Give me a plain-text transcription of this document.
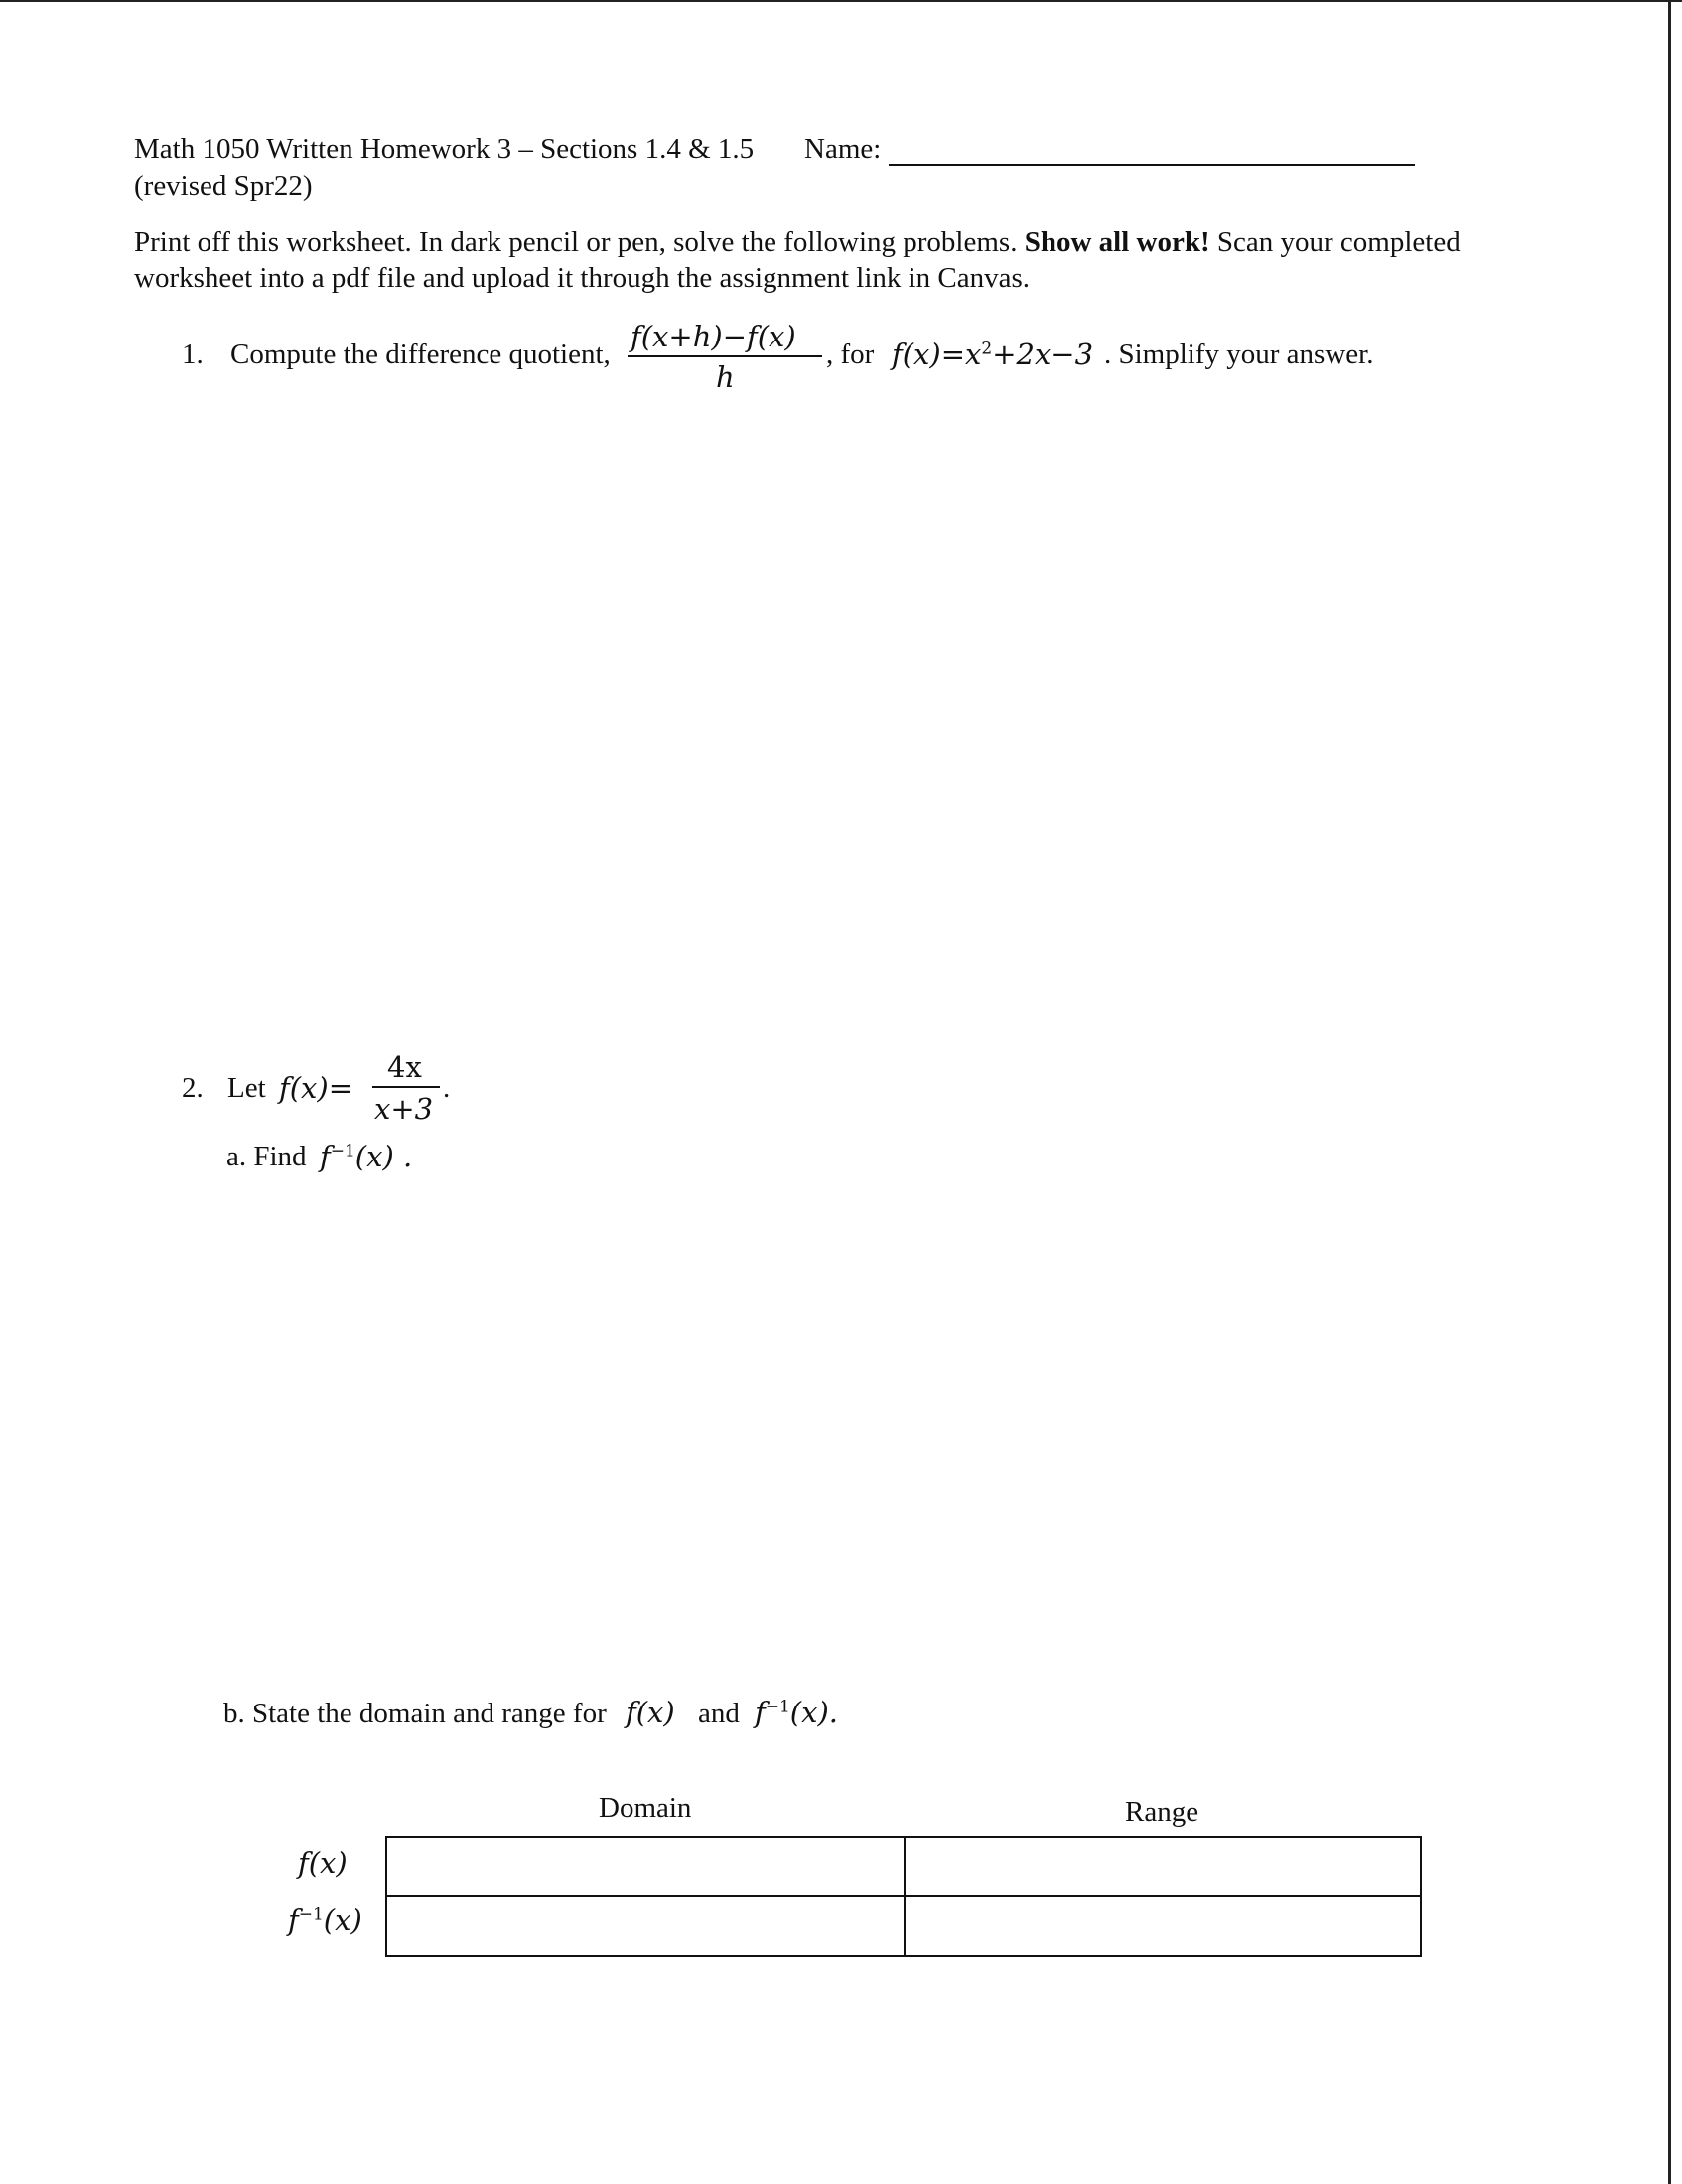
Math 1050 Written Homework 3 – Sections 1.4 & 1.5 Name:
(revised Spr22)
Print off this worksheet. In dark pencil or pen, solve the following problems. Show all work! Scan your completed
worksheet into a pdf file and upload it through the assignment link in Canvas.
1. Compute the difference quotient,
f(x+h)−f(x)
h
, for $f(x)=x^2+2x-3$ . Simplify your answer.
2. Let f(x)=
4x
x+3
.
a. Find $f^{-1}(x)$ .
b. State the domain and range for f(x) and $f^{-1}(x)$.
Domain	Range
f(x)
$f^{-1}(x)$
